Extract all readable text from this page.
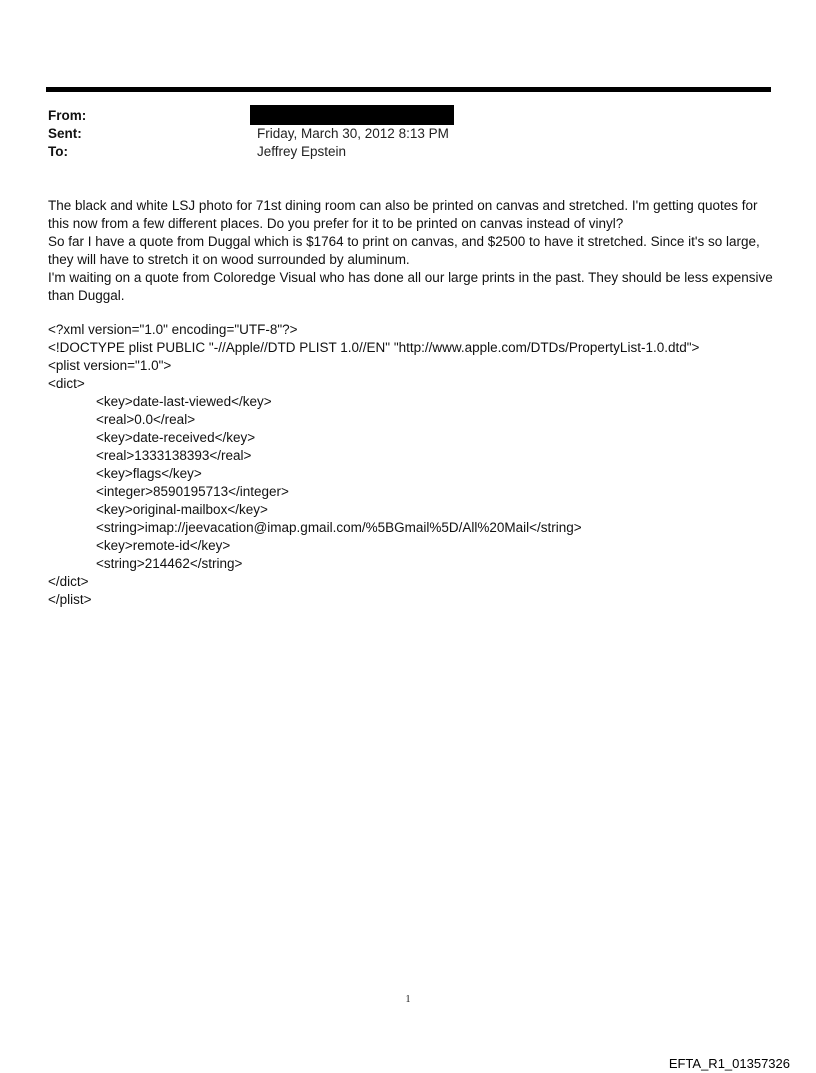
From:
Sent:	Friday, March 30, 2012 8:13 PM
To:	Jeffrey Epstein

The black and white LSJ photo for 71st dining room can also be printed on canvas and stretched. I'm getting quotes for this now from a few different places. Do you prefer for it to be printed on canvas instead of vinyl?

So far I have a quote from Duggal which is $1764 to print on canvas, and $2500 to have it stretched. Since it's so large, they will have to stretch it on wood surrounded by aluminum.

I'm waiting on a quote from Coloredge Visual who has done all our large prints in the past. They should be less expensive than Duggal.

<?xml version="1.0" encoding="UTF-8"?>
<!DOCTYPE plist PUBLIC "-//Apple//DTD PLIST 1.0//EN" "http://www.apple.com/DTDs/PropertyList-1.0.dtd">
<plist version="1.0">
<dict>
<key>date-last-viewed</key>
<real>0.0</real>
<key>date-received</key>
<real>1333138393</real>
<key>flags</key>
<integer>8590195713</integer>
<key>original-mailbox</key>
<string>imap://jeevacation@imap.gmail.com/%5BGmail%5D/All%20Mail</string>
<key>remote-id</key>
<string>214462</string>
</dict>
</plist>
1
EFTA_R1_01357326
